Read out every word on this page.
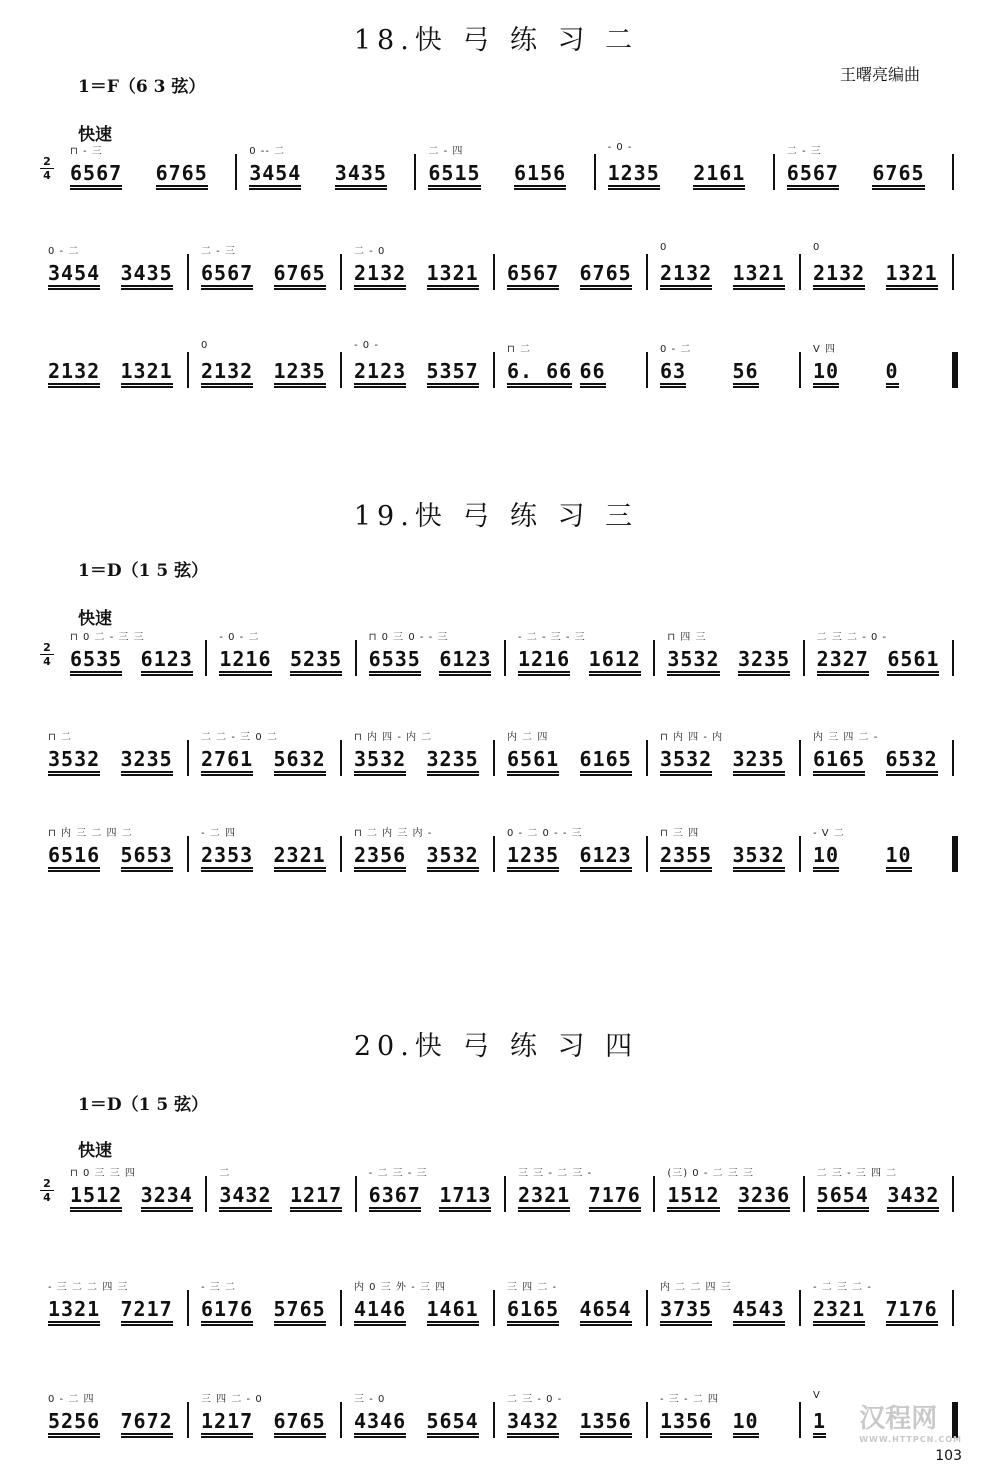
18.快 弓 练 习 二
王曙亮编曲
1＝F（6 3 弦）
快速
2
4
⊓ - 三
6567 6765
0 -- 二
3454 3435
二 - 四
6515 6156
- 0 -
1235 2161
二 - 三
6567 6765
0 - 二
3454 3435
二 - 三
6567 6765
二 - 0
2132 1321 6567 6765
0
2132 1321
0
2132 1321
2132 1321
0
2132 1235
- 0 -
2123 5357
⊓ 二
6. 66 66
0 - 二
63 56
V 四
10 0
19.快 弓 练 习 三
1＝D（1 5 弦）
快速
2
4
⊓ 0 二 - 三 三
6535 6123
- 0 - 二
1216 5235
⊓ 0 三 0 - - 三
6535 6123
- 二 - 三 - 三
1216 1612
⊓ 四 三
3532 3235
二 三 二 - 0 -
2327 6561
⊓ 二
3532 3235
二 二 - 三 0 二
2761 5632
⊓ 内 四 - 内 二
3532 3235
内 二 四
6561 6165
⊓ 内 四 - 内
3532 3235
内 三 四 二 -
6165 6532
⊓ 内 三 二 四 二
6516 5653
- 二 四
2353 2321
⊓ 二 内 三 内 -
2356 3532
0 - 二 0 - - 三
1235 6123
⊓ 三 四
2355 3532
- V 二
10 10
20.快 弓 练 习 四
1＝D（1 5 弦）
快速
2
4
⊓ 0 三 三 四
1512 3234
二
3432 1217
- 二 三 - 三
6367 1713
三 三 - 二 三 -
2321 7176
(三) 0 - 二 三 三
1512 3236
二 三 - 三 四 二
5654 3432
- 三 二 二 四 三
1321 7217
- 三 二
6176 5765
内 0 三 外 - 三 四
4146 1461
三 四 二 -
6165 4654
内 二 二 四 三
3735 4543
- 二 三 二 -
2321 7176
0 - 二 四
5256 7672
三 四 二 - 0
1217 6765
三 - 0
4346 5654
二 三 - 0 -
3432 1356
- 三 - 二 四
1356 10
V
1 汉程网
WWW.HTTPCN.COM
103
